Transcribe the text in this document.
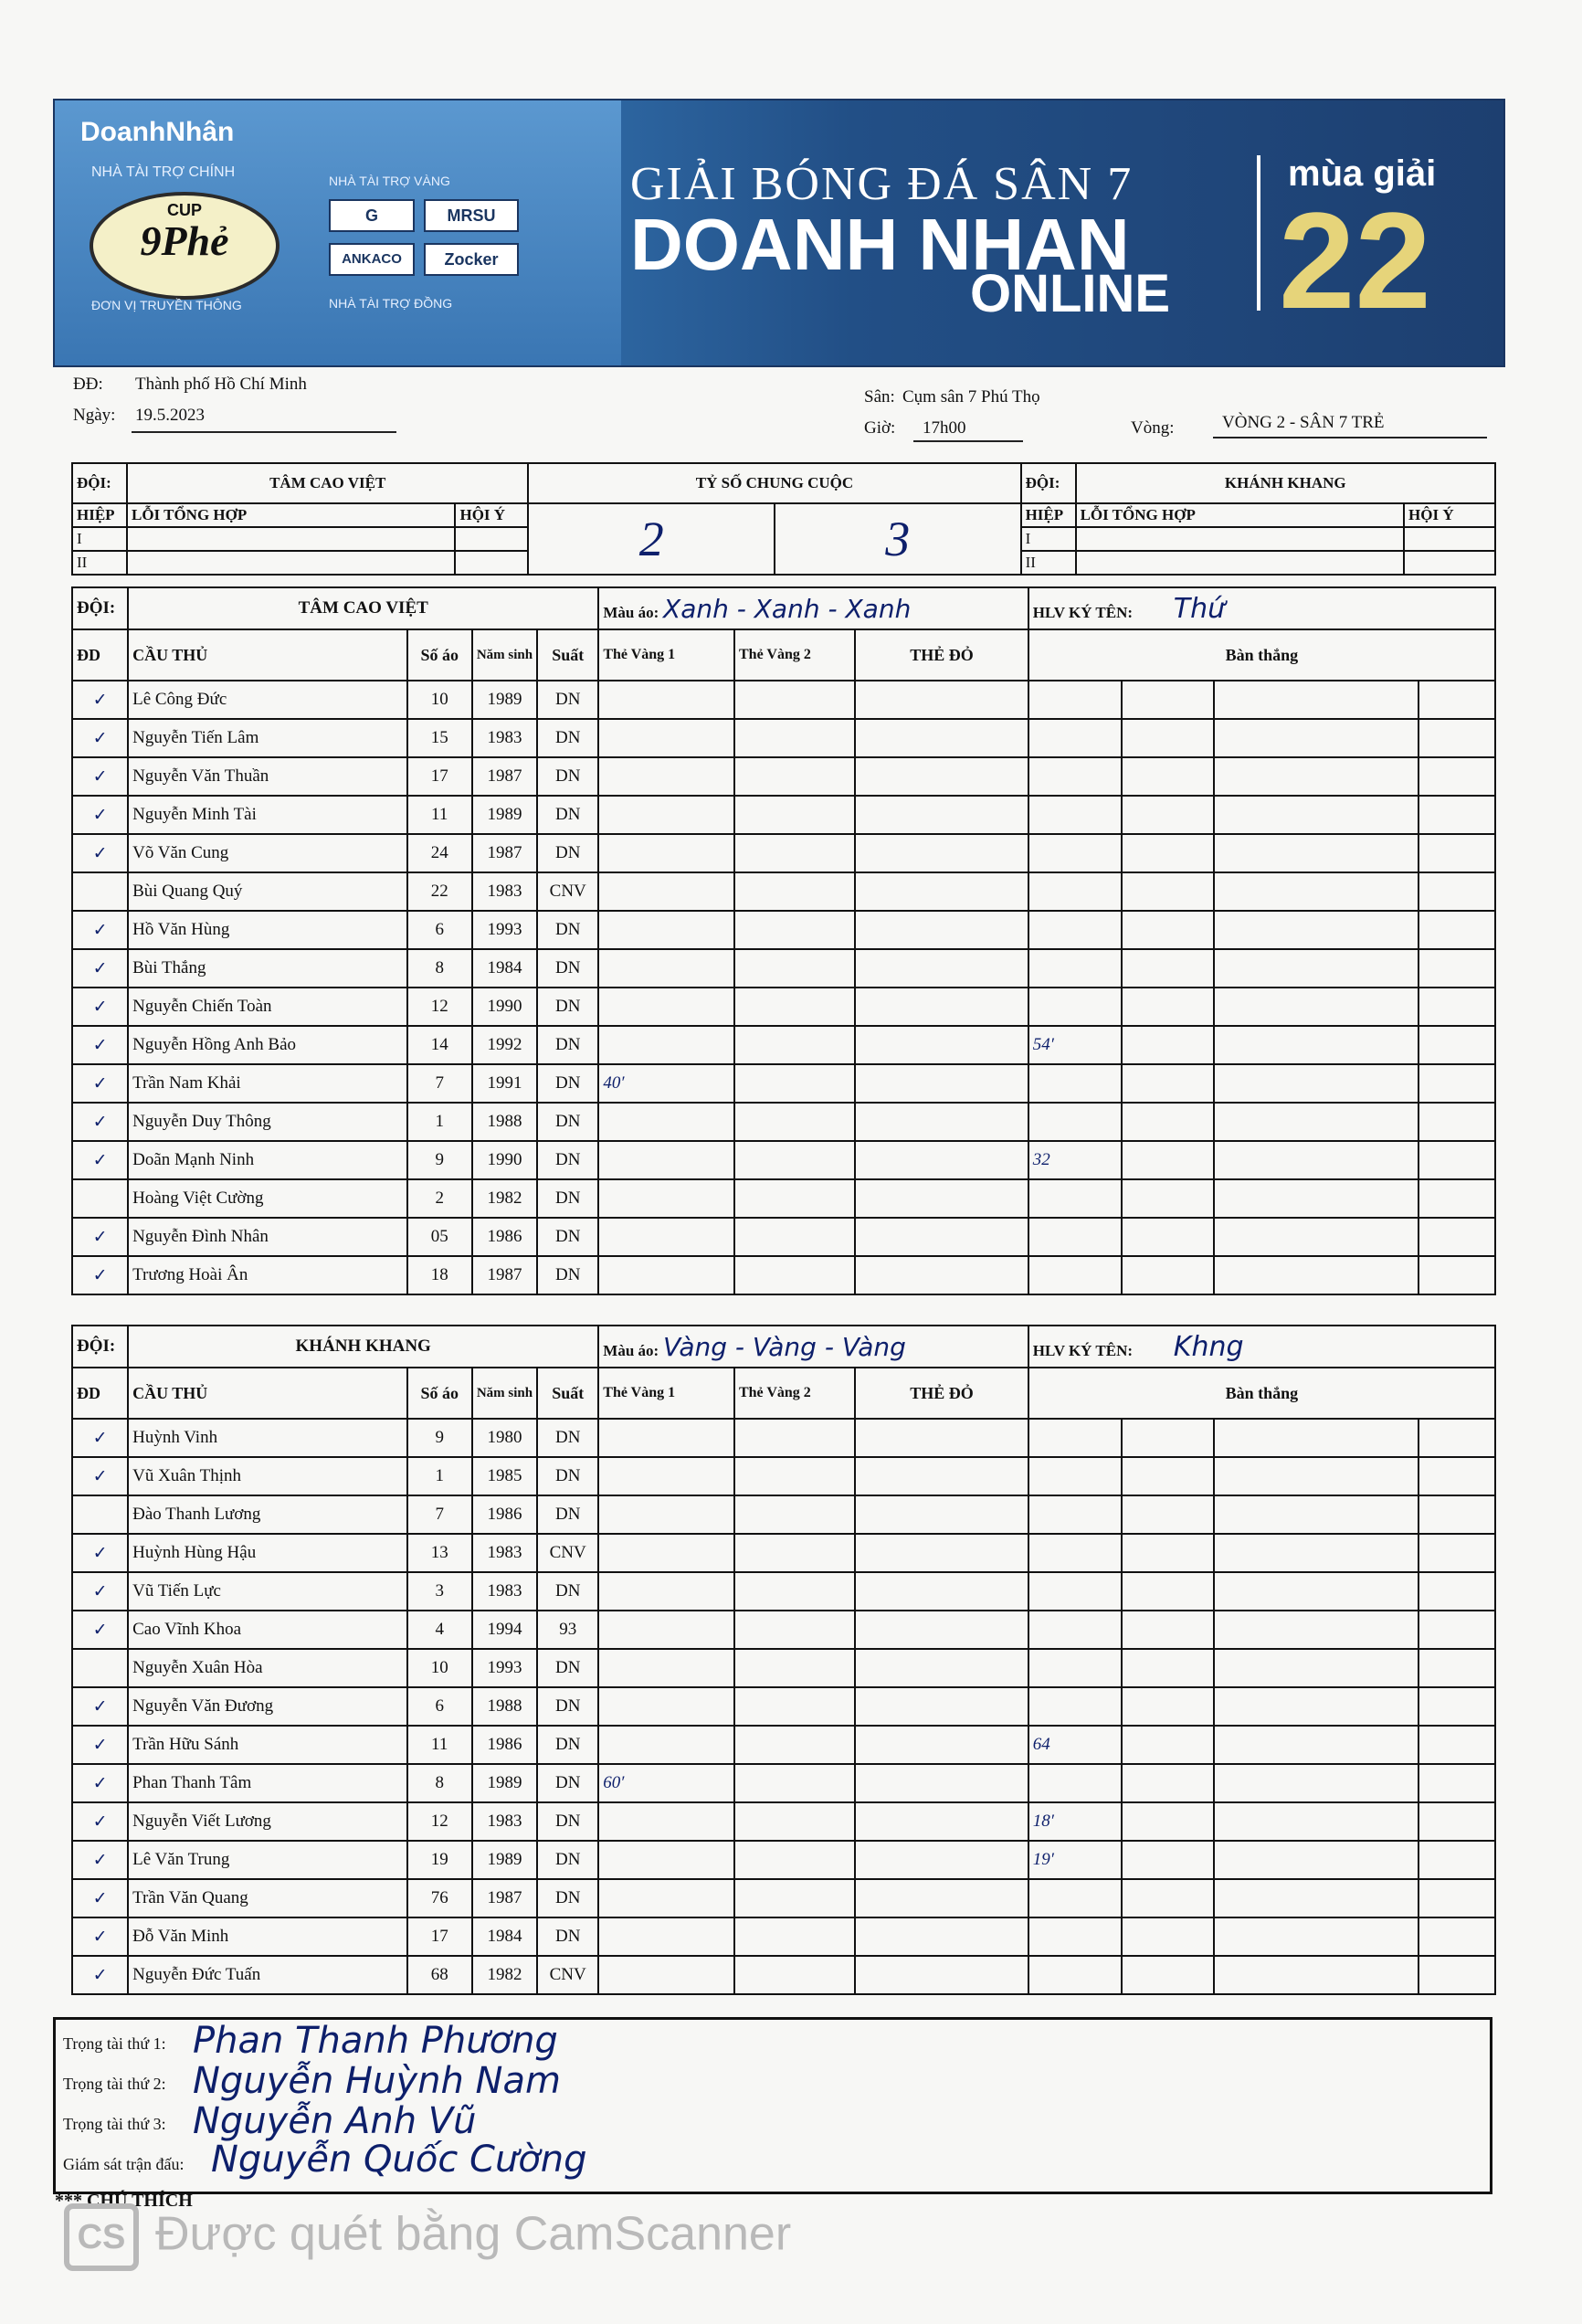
DoanhNhân
NHÀ TÀI TRỢ CHÍNH
CUP
9Phẻ
NHÀ TÀI TRỢ VÀNG
G	MRSU
ANKACO	Zocker
NHÀ TÀI TRỢ ĐỒNG
ĐƠN VỊ TRUYỀN THÔNG
GIẢI BÓNG ĐÁ SÂN 7
DOANH NHAN
ONLINE
mùa giải
22
ĐĐ: Thành phố Hồ Chí Minh
Ngày: 19.5.2023
Sân: Cụm sân 7 Phú Thọ
Giờ: 17h00	Vòng:	VÒNG 2 - SÂN 7 TRẺ
ĐỘI:	TÂM CAO VIỆT		TỶ SỐ CHUNG CUỘC		ĐỘI:	KHÁNH KHANG	
HIỆP	LỖI TỔNG HỢP	HỘI Ý	2	3	HIỆP	LỖI TỔNG HỢP	HỘI Ý
I					I		
II					II		
ĐỘI:	TÂM CAO VIỆT				Màu áo: Xanh - Xanh - Xanh			HLV KÝ TÊN: Thứ			
ĐD	CẦU THỦ	Số áo	Năm sinh	Suất	Thẻ Vàng 1	Thẻ Vàng 2	THẺ ĐỎ	Bàn thắng			
✓	Lê Công Đức	10	1989	DN							
✓	Nguyễn Tiến Lâm	15	1983	DN							
✓	Nguyễn Văn Thuần	17	1987	DN							
✓	Nguyễn Minh Tài	11	1989	DN							
✓	Võ Văn Cung	24	1987	DN							
	Bùi Quang Quý	22	1983	CNV							
✓	Hồ Văn Hùng	6	1993	DN							
✓	Bùi Thắng	8	1984	DN							
✓	Nguyễn Chiến Toàn	12	1990	DN							
✓	Nguyễn Hồng Anh Bảo	14	1992	DN				54′			
✓	Trần Nam Khải	7	1991	DN	40′						
✓	Nguyễn Duy Thông	1	1988	DN							
✓	Doãn Mạnh Ninh	9	1990	DN				32			
	Hoàng Việt Cường	2	1982	DN							
✓	Nguyễn Đình Nhân	05	1986	DN							
✓	Trương Hoài Ân	18	1987	DN							
ĐỘI:	KHÁNH KHANG				Màu áo: Vàng - Vàng - Vàng			HLV KÝ TÊN: Khng			
ĐD	CẦU THỦ	Số áo	Năm sinh	Suất	Thẻ Vàng 1	Thẻ Vàng 2	THẺ ĐỎ	Bàn thắng			
✓	Huỳnh Vinh	9	1980	DN							
✓	Vũ Xuân Thịnh	1	1985	DN							
	Đào Thanh Lương	7	1986	DN							
✓	Huỳnh Hùng Hậu	13	1983	CNV							
✓	Vũ Tiến Lực	3	1983	DN							
✓	Cao Vĩnh Khoa	4	1994	93							
	Nguyễn Xuân Hòa	10	1993	DN							
✓	Nguyễn Văn Đương	6	1988	DN							
✓	Trần Hữu Sánh	11	1986	DN				64			
✓	Phan Thanh Tâm	8	1989	DN	60′						
✓	Nguyễn Viết Lương	12	1983	DN				18′			
✓	Lê Văn Trung	19	1989	DN				19′			
✓	Trần Văn Quang	76	1987	DN							
✓	Đỗ Văn Minh	17	1984	DN							
✓	Nguyễn Đức Tuấn	68	1982	CNV							
Trọng tài thứ 1: Phan Thanh Phương
Trọng tài thứ 2: Nguyễn Huỳnh Nam
Trọng tài thứ 3: Nguyễn Anh Vũ
Giám sát trận đấu: Nguyễn Quốc Cường
*** CHÚ THÍCH
CS Được quét bằng CamScanner
